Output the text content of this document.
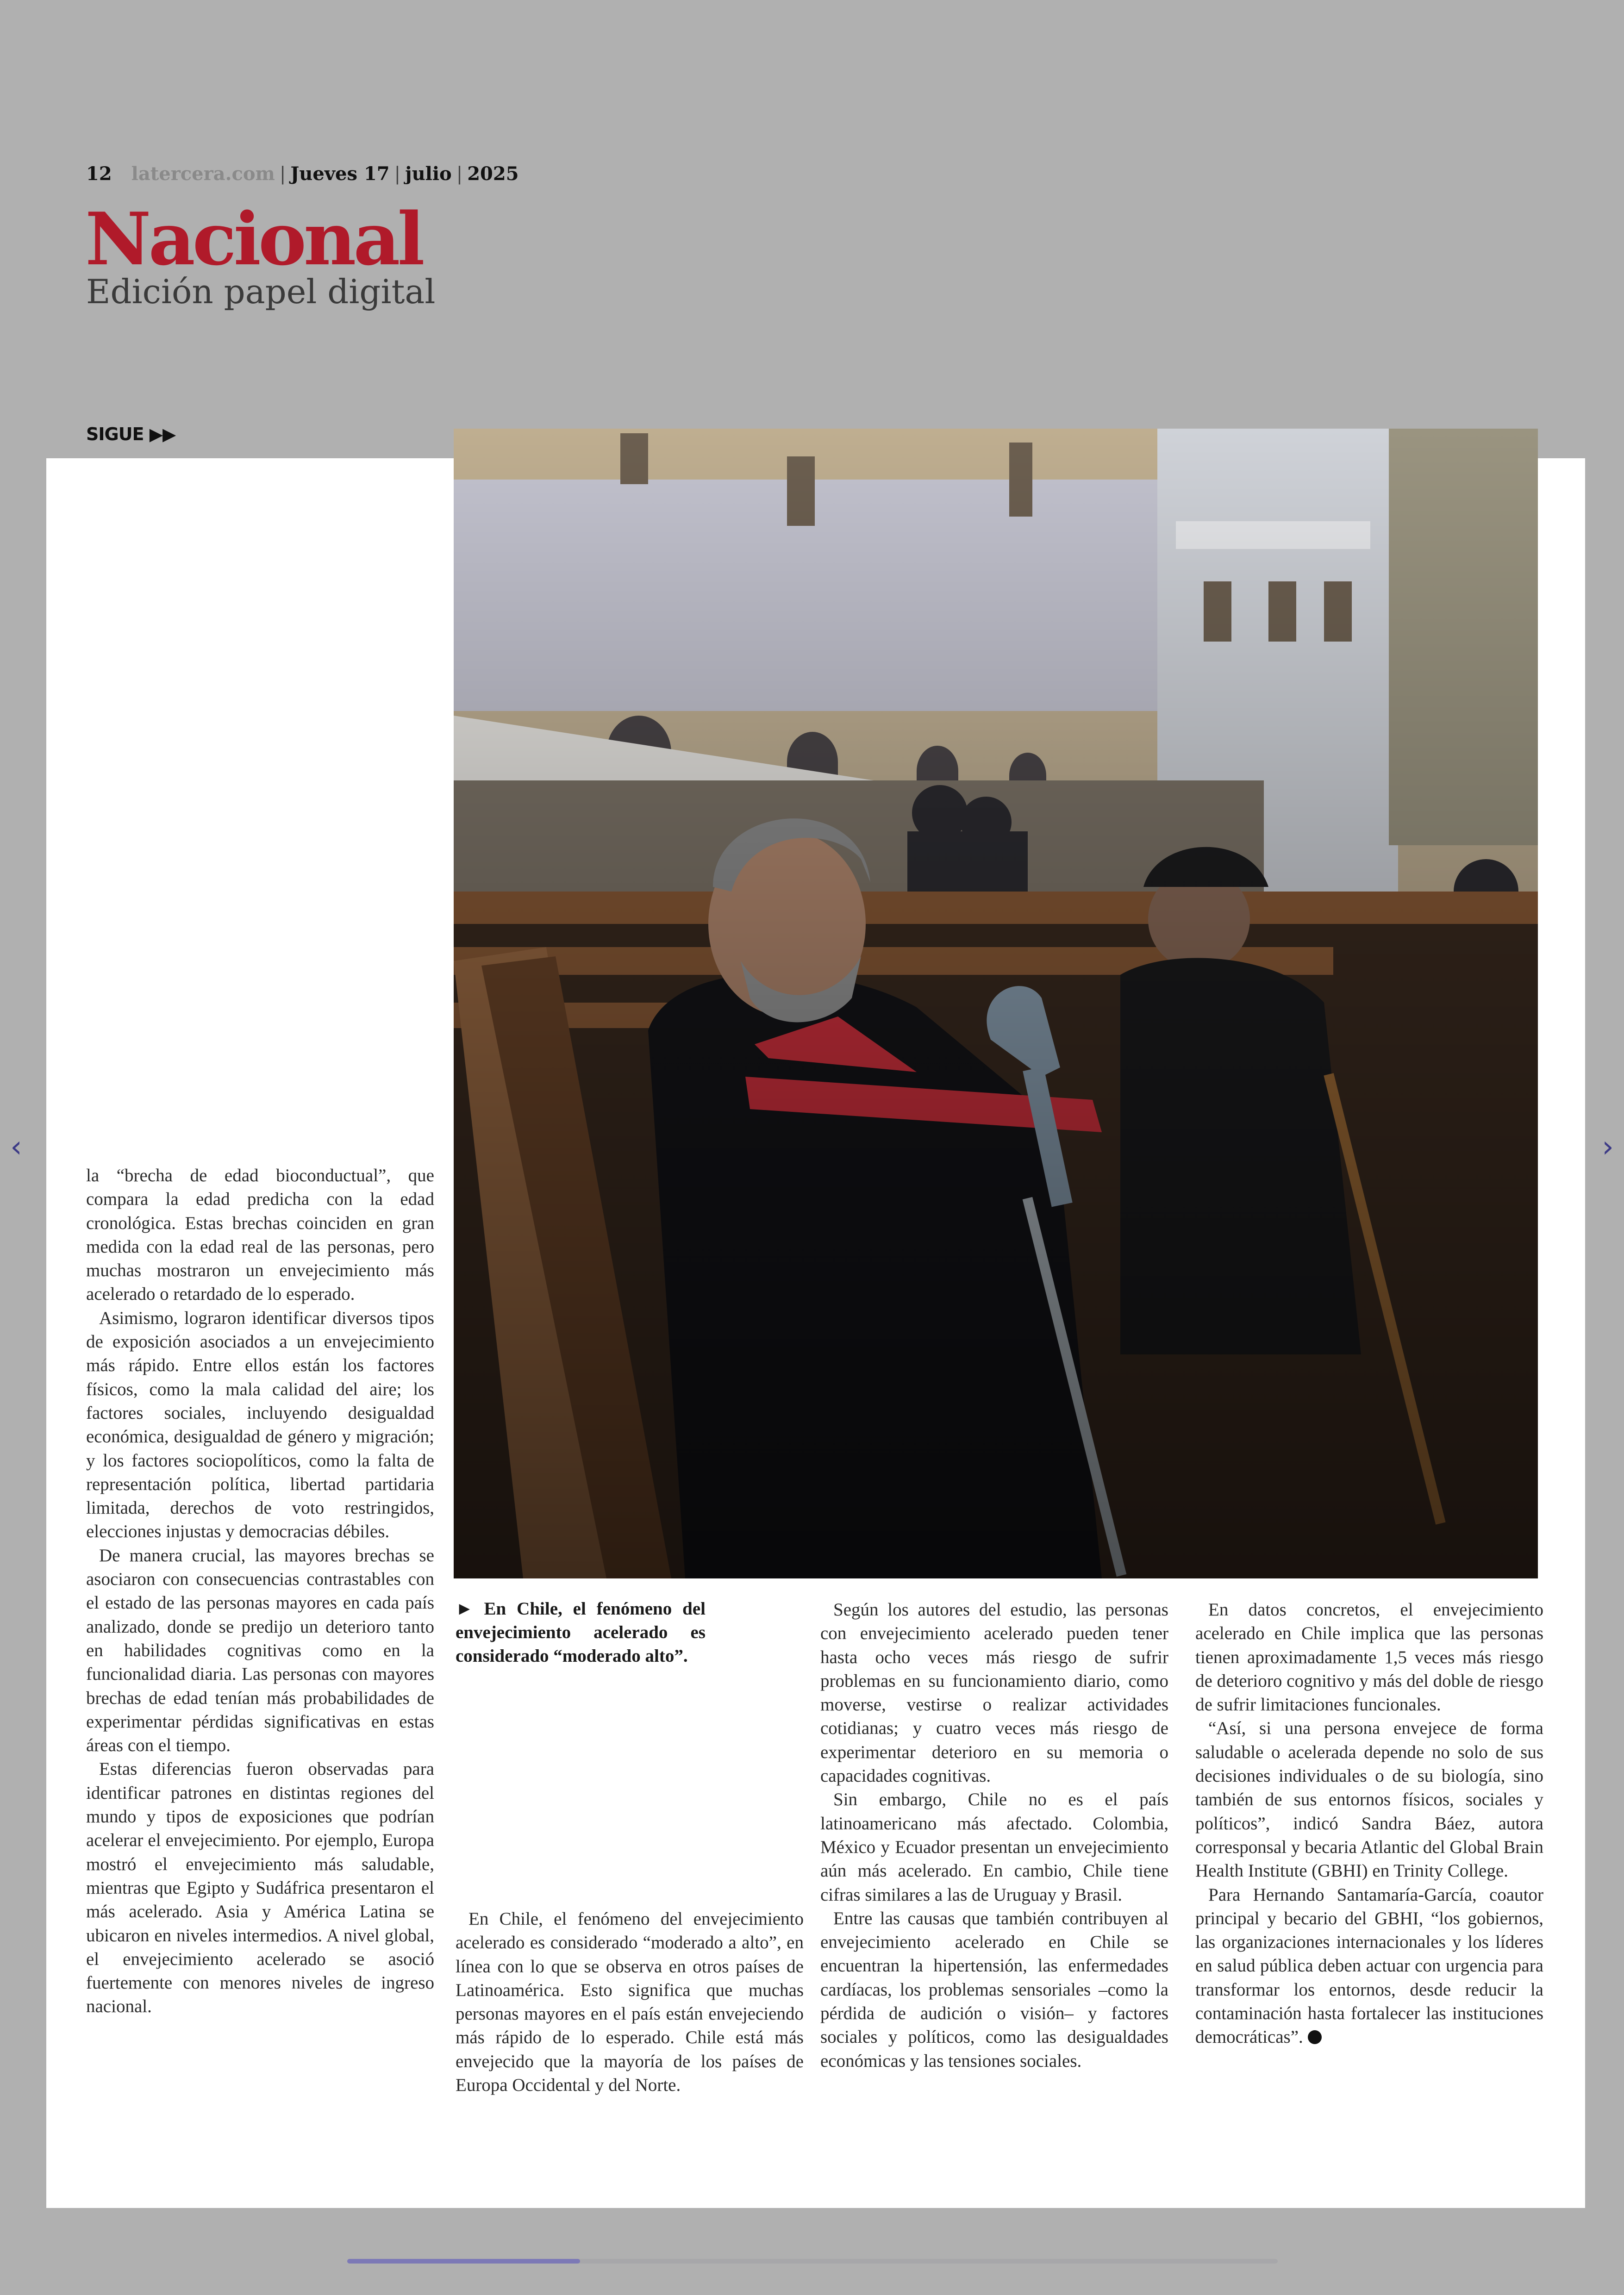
12 latercera.com | Jueves 17 | julio | 2025
Nacional
Edición papel digital
SIGUE ▶▶
► En Chile, el fenómeno del envejecimiento acelerado es considerado “moderado alto”.

la “brecha de edad bioconductual”, que compara la edad predicha con la edad cronológica. Estas brechas coinciden en gran medida con la edad real de las personas, pero muchas mostraron un envejecimiento más acelerado o retardado de lo esperado.

Asimismo, lograron identificar diversos tipos de exposición asociados a un envejecimiento más rápido. Entre ellos están los factores físicos, como la mala calidad del aire; los factores sociales, incluyendo desigualdad económica, desigualdad de género y migración; y los factores sociopolíticos, como la falta de representación política, libertad partidaria limitada, derechos de voto restringidos, elecciones injustas y democracias débiles.

De manera crucial, las mayores brechas se asociaron con consecuencias contrastables con el estado de las personas mayores en cada país analizado, donde se predijo un deterioro tanto en habilidades cognitivas como en la funcionalidad diaria. Las personas con mayores brechas de edad tenían más probabilidades de experimentar pérdidas significativas en estas áreas con el tiempo.

Estas diferencias fueron observadas para identificar patrones en distintas regiones del mundo y tipos de exposiciones que podrían acelerar el envejecimiento. Por ejemplo, Europa mostró el envejecimiento más saludable, mientras que Egipto y Sudáfrica presentaron el más acelerado. Asia y América Latina se ubicaron en niveles intermedios. A nivel global, el envejecimiento acelerado se asoció fuertemente con menores niveles de ingreso nacional.

En Chile, el fenómeno del envejecimiento acelerado es considerado “moderado a alto”, en línea con lo que se observa en otros países de Latinoamérica. Esto significa que muchas personas mayores en el país están envejeciendo más rápido de lo esperado. Chile está más envejecido que la mayoría de los países de Europa Occidental y del Norte.

Según los autores del estudio, las personas con envejecimiento acelerado pueden tener hasta ocho veces más riesgo de sufrir problemas en su funcionamiento diario, como moverse, vestirse o realizar actividades cotidianas; y cuatro veces más riesgo de experimentar deterioro en su memoria o capacidades cognitivas.

Sin embargo, Chile no es el país latinoamericano más afectado. Colombia, México y Ecuador presentan un envejecimiento aún más acelerado. En cambio, Chile tiene cifras similares a las de Uruguay y Brasil.

Entre las causas que también contribuyen al envejecimiento acelerado en Chile se encuentran la hipertensión, las enfermedades cardíacas, los problemas sensoriales –como la pérdida de audición o visión– y factores sociales y políticos, como las desigualdades económicas y las tensiones sociales.

En datos concretos, el envejecimiento acelerado en Chile implica que las personas tienen aproximadamente 1,5 veces más riesgo de deterioro cognitivo y más del doble de riesgo de sufrir limitaciones funcionales.

“Así, si una persona envejece de forma saludable o acelerada depende no solo de sus decisiones individuales o de su biología, sino también de sus entornos físicos, sociales y políticos”, indicó Sandra Báez, autora corresponsal y becaria Atlantic del Global Brain Health Institute (GBHI) en Trinity College.

Para Hernando Santamaría-García, coautor principal y becario del GBHI, “los gobiernos, las organizaciones internacionales y los líderes en salud pública deben actuar con urgencia para transformar los entornos, desde reducir la contaminación hasta fortalecer las instituciones democráticas”.

‹	›
